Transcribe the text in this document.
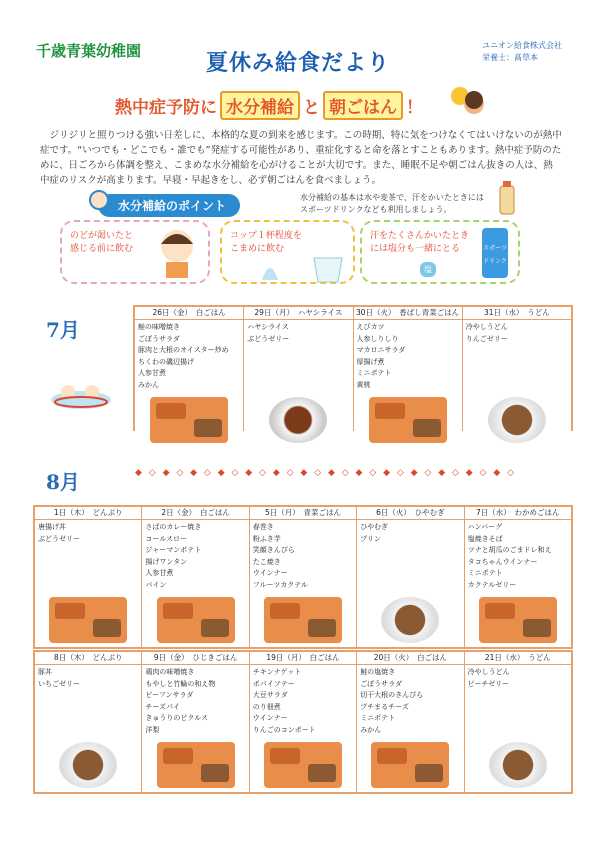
千歳青葉幼稚園	夏休み給食だより
ユニオン給食株式会社
栄養士：髙草本
熱中症予防に 水分補給 と 朝ごはん ！
ジリジリと照りつける強い日差しに、本格的な夏の到来を感じます。この時期、特に気をつけなくてはいけないのが熱中症です。“いつでも・どこでも・誰でも”発症する可能性があり、重症化すると命を落とすこともあります。熱中症予防のために、日ごろから体調を整え、こまめな水分補給を心がけることが大切です。また、睡眠不足や朝ごはん抜きの人は、熱中症のリスクが高まります。早寝・早起きをし、必ず朝ごはんを食べましょう。
水分補給のポイント
水分補給の基本は水や麦茶で、汗をかいたときにはスポーツドリンクなども利用しましょう。
のどが渇いたと感じる前に飲む
コップ１杯程度をこまめに飲む
汗をたくさんかいたときには塩分も一緒にとる
塩
スポーツドリンク
7月
26日（金）　白ごはん
鮭の味噌焼き
ごぼうサラダ
豚肉と大根のオイスター炒め
ちくわの磯辺揚げ
人参甘煮
みかん
29日（月）　ハヤシライス
ハヤシライス
ぶどうゼリー
30日（火）　香ばし青菜ごはん
えびカツ
人参しりしり
マカロニサラダ
厚揚げ煮
ミニポテト
黄桃
31日（水）　うどん
冷やしうどん
りんごゼリー
◆ ◇ ◆ ◇ ◆ ◇ ◆ ◇ ◆ ◇ ◆ ◇ ◆ ◇ ◆ ◇ ◆ ◇ ◆ ◇ ◆ ◇ ◆ ◇ ◆ ◇ ◆ ◇
8月
1日（木）　どんぶり
唐揚げ丼
ぶどうゼリー
2日（金）　白ごはん
さばのカレー焼き
コールスロー
ジャーマンポテト
揚げワンタン
人参甘煮
パイン
5日（月）　青菜ごはん
春巻き
粉ふき芋
笑顔きんぴら
たこ焼き
ウインナー
フルーツカクテル
6日（火）　ひやむぎ
ひやむぎ
プリン
7日（水）　わかめごはん
ハンバーグ
塩焼きそば
ツナと胡瓜のごまドレ和え
タコちゃんウインナー
ミニポテト
カクテルゼリー
8日（木）　どんぶり
豚丼
いちごゼリー
9日（金）　ひじきごはん
鶏肉の味噌焼き
もやしと竹輪の和え物
ビーフンサラダ
チーズパイ
きゅうりのピクルス
洋梨
19日（月）　白ごはん
チキンナゲット
ポパイソテー
大豆サラダ
のり佃煮
ウインナー
りんごのコンポート
20日（火）　白ごはん
鮭の塩焼き
ごぼうサラダ
切干大根のきんぴら
プチまるチーズ
ミニポテト
みかん
21日（水）　うどん
冷やしうどん
ピーチゼリー
